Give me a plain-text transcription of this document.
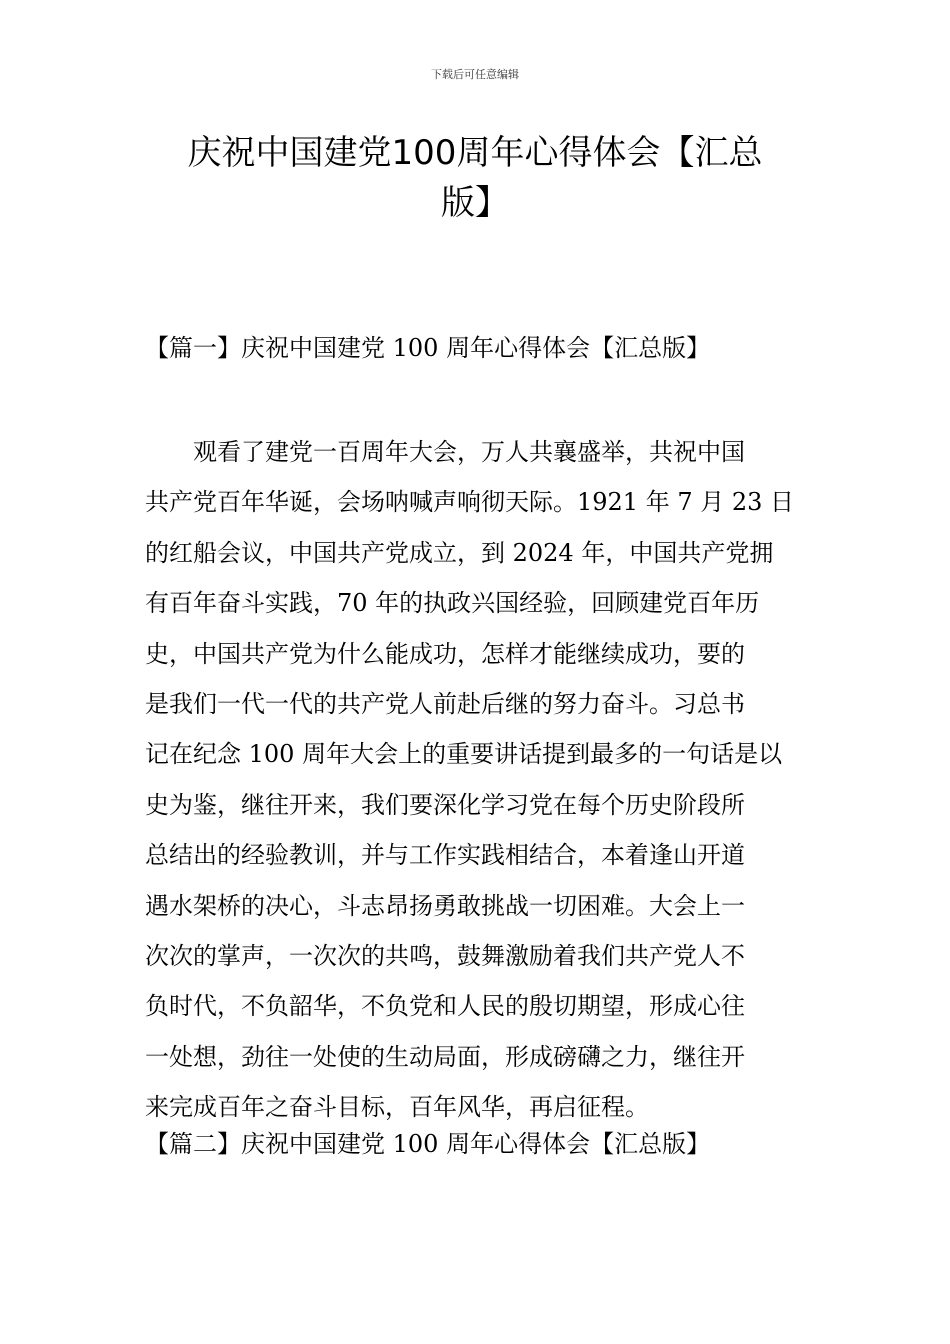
下载后可任意编辑
庆祝中国建党100周年心得体会【汇总
版】
【篇一】庆祝中国建党 100 周年心得体会【汇总版】
观看了建党一百周年大会，万人共襄盛举，共祝中国
共产党百年华诞，会场呐喊声响彻天际。1921 年 7 月 23 日
的红船会议，中国共产党成立，到 2024 年，中国共产党拥
有百年奋斗实践，70 年的执政兴国经验，回顾建党百年历
史，中国共产党为什么能成功，怎样才能继续成功，要的
是我们一代一代的共产党人前赴后继的努力奋斗。习总书
记在纪念 100 周年大会上的重要讲话提到最多的一句话是以
史为鉴，继往开来，我们要深化学习党在每个历史阶段所
总结出的经验教训，并与工作实践相结合，本着逢山开道
遇水架桥的决心，斗志昂扬勇敢挑战一切困难。大会上一
次次的掌声，一次次的共鸣，鼓舞激励着我们共产党人不
负时代，不负韶华，不负党和人民的殷切期望，形成心往
一处想，劲往一处使的生动局面，形成磅礴之力，继往开
来完成百年之奋斗目标，百年风华，再启征程。
【篇二】庆祝中国建党 100 周年心得体会【汇总版】
